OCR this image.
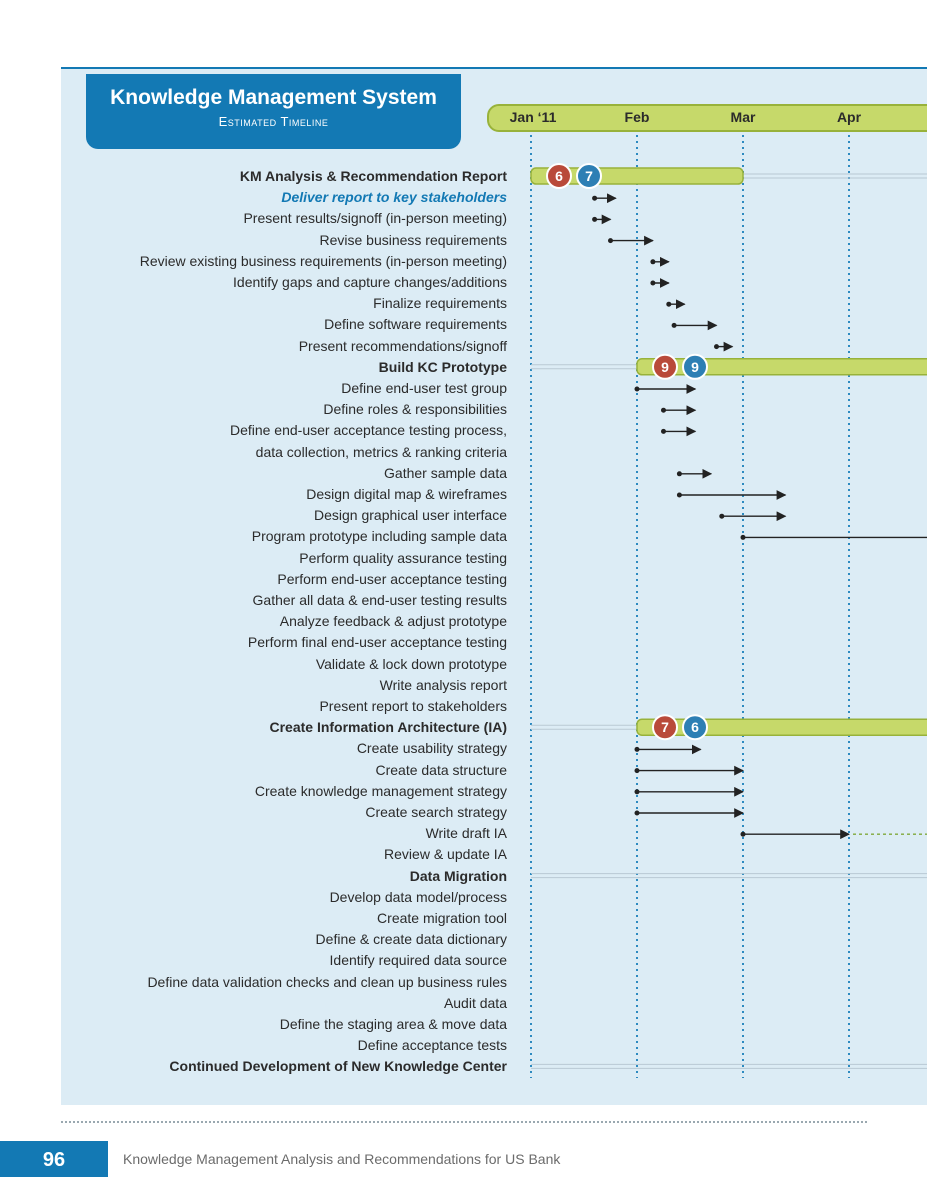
Knowledge Management System
Estimated Timeline	Jan ‘11	Feb	Mar	Apr
KM Analysis & Recommendation Report
Deliver report to key stakeholders
Present results/signoff (in-person meeting)
Revise business requirements
Review existing business requirements (in-person meeting)
Identify gaps and capture changes/additions
Finalize requirements
Define software requirements
Present recommendations/signoff
Build KC Prototype
Define end-user test group
Define roles & responsibilities
Define end-user acceptance testing process,
data collection, metrics & ranking criteria
Gather sample data
Design digital map & wireframes
Design graphical user interface
Program prototype including sample data
Perform quality assurance testing
Perform end-user acceptance testing
Gather all data & end-user testing results
Analyze feedback & adjust prototype
Perform final end-user acceptance testing
Validate & lock down prototype
Write analysis report
Present report to stakeholders
Create Information Architecture (IA)
Create usability strategy
Create data structure
Create knowledge management strategy
Create search strategy
Write draft IA
Review & update IA
Data Migration
Develop data model/process
Create migration tool
Define & create data dictionary
Identify required data source
Define data validation checks and clean up business rules
Audit data
Define the staging area & move data
Define acceptance tests
Continued Development of New Knowledge Center
6 7
9 9
7 6
96	Knowledge Management Analysis and Recommendations for US Bank
